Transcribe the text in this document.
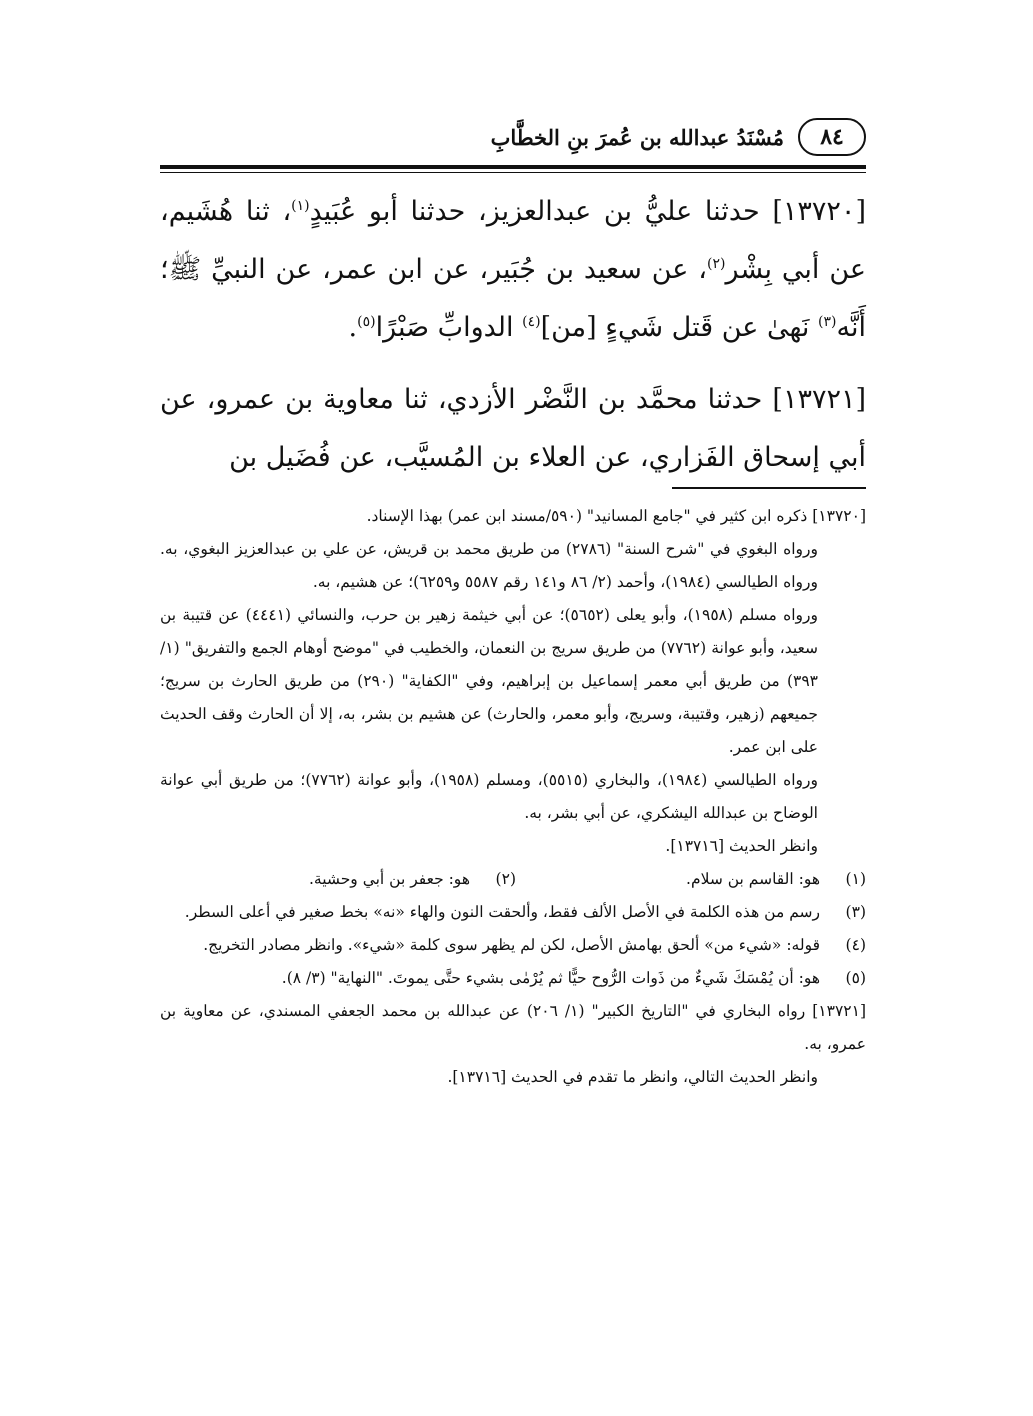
٨٤
مُسْنَدُ عبدالله بن عُمرَ بنِ الخطَّابِ

[١٣٧٢٠] حدثنا عليُّ بن عبدالعزيز، حدثنا أبو عُبَيدٍ$^{(١)}$، ثنا هُشَيم، عن أبي بِشْر$^{(٢)}$، عن سعيد بن جُبَير، عن ابن عمر، عن النبيِّ ﷺ؛ أَنَّه$^{(٣)}$ نَهىٰ عن قَتل شَيءٍ [من]$^{(٤)}$ الدوابِّ صَبْرًا$^{(٥)}$.

[١٣٧٢١] حدثنا محمَّد بن النَّضْر الأزدي، ثنا معاوية بن عمرو، عن أبي إسحاق الفَزاري، عن العلاء بن المُسيَّب، عن فُضَيل بن

[١٣٧٢٠] ذكره ابن كثير في "جامع المسانيد" (٥٩٠/مسند ابن عمر) بهذا الإسناد.

ورواه البغوي في "شرح السنة" (٢٧٨٦) من طريق محمد بن قريش، عن علي بن عبدالعزيز البغوي، به. ورواه الطيالسي (١٩٨٤)، وأحمد (٢/ ٨٦ و١٤١ رقم ٥٥٨٧ و٦٢٥٩)؛ عن هشيم، به.

ورواه مسلم (١٩٥٨)، وأبو يعلى (٥٦٥٢)؛ عن أبي خيثمة زهير بن حرب، والنسائي (٤٤٤١) عن قتيبة بن سعيد، وأبو عوانة (٧٧٦٢) من طريق سريج بن النعمان، والخطيب في "موضح أوهام الجمع والتفريق" (١/ ٣٩٣) من طريق أبي معمر إسماعيل بن إبراهيم، وفي "الكفاية" (٢٩٠) من طريق الحارث بن سريج؛ جميعهم (زهير، وقتيبة، وسريج، وأبو معمر، والحارث) عن هشيم بن بشر، به، إلا أن الحارث وقف الحديث على ابن عمر.

ورواه الطيالسي (١٩٨٤)، والبخاري (٥٥١٥)، ومسلم (١٩٥٨)، وأبو عوانة (٧٧٦٢)؛ من طريق أبي عوانة الوضاح بن عبدالله اليشكري، عن أبي بشر، به.

وانظر الحديث [١٣٧١٦].

(١)
هو: القاسم بن سلام.
(٢)
هو: جعفر بن أبي وحشية.
(٣)
رسم من هذه الكلمة في الأصل الألف فقط، وألحقت النون والهاء «نه» بخط صغير في أعلى السطر.
(٤)
قوله: «شيء من» ألحق بهامش الأصل، لكن لم يظهر سوى كلمة «شيء». وانظر مصادر التخريج.
(٥)
هو: أن يُمْسَكَ شَيءٌ من ذَوات الرُّوح حيًّا ثم يُرْمٰى بشيء حتَّى يموتَ. "النهاية" (٣/ ٨).

[١٣٧٢١] رواه البخاري في "التاريخ الكبير" (١/ ٢٠٦) عن عبدالله بن محمد الجعفي المسندي، عن معاوية بن عمرو، به.

وانظر الحديث التالي، وانظر ما تقدم في الحديث [١٣٧١٦].
